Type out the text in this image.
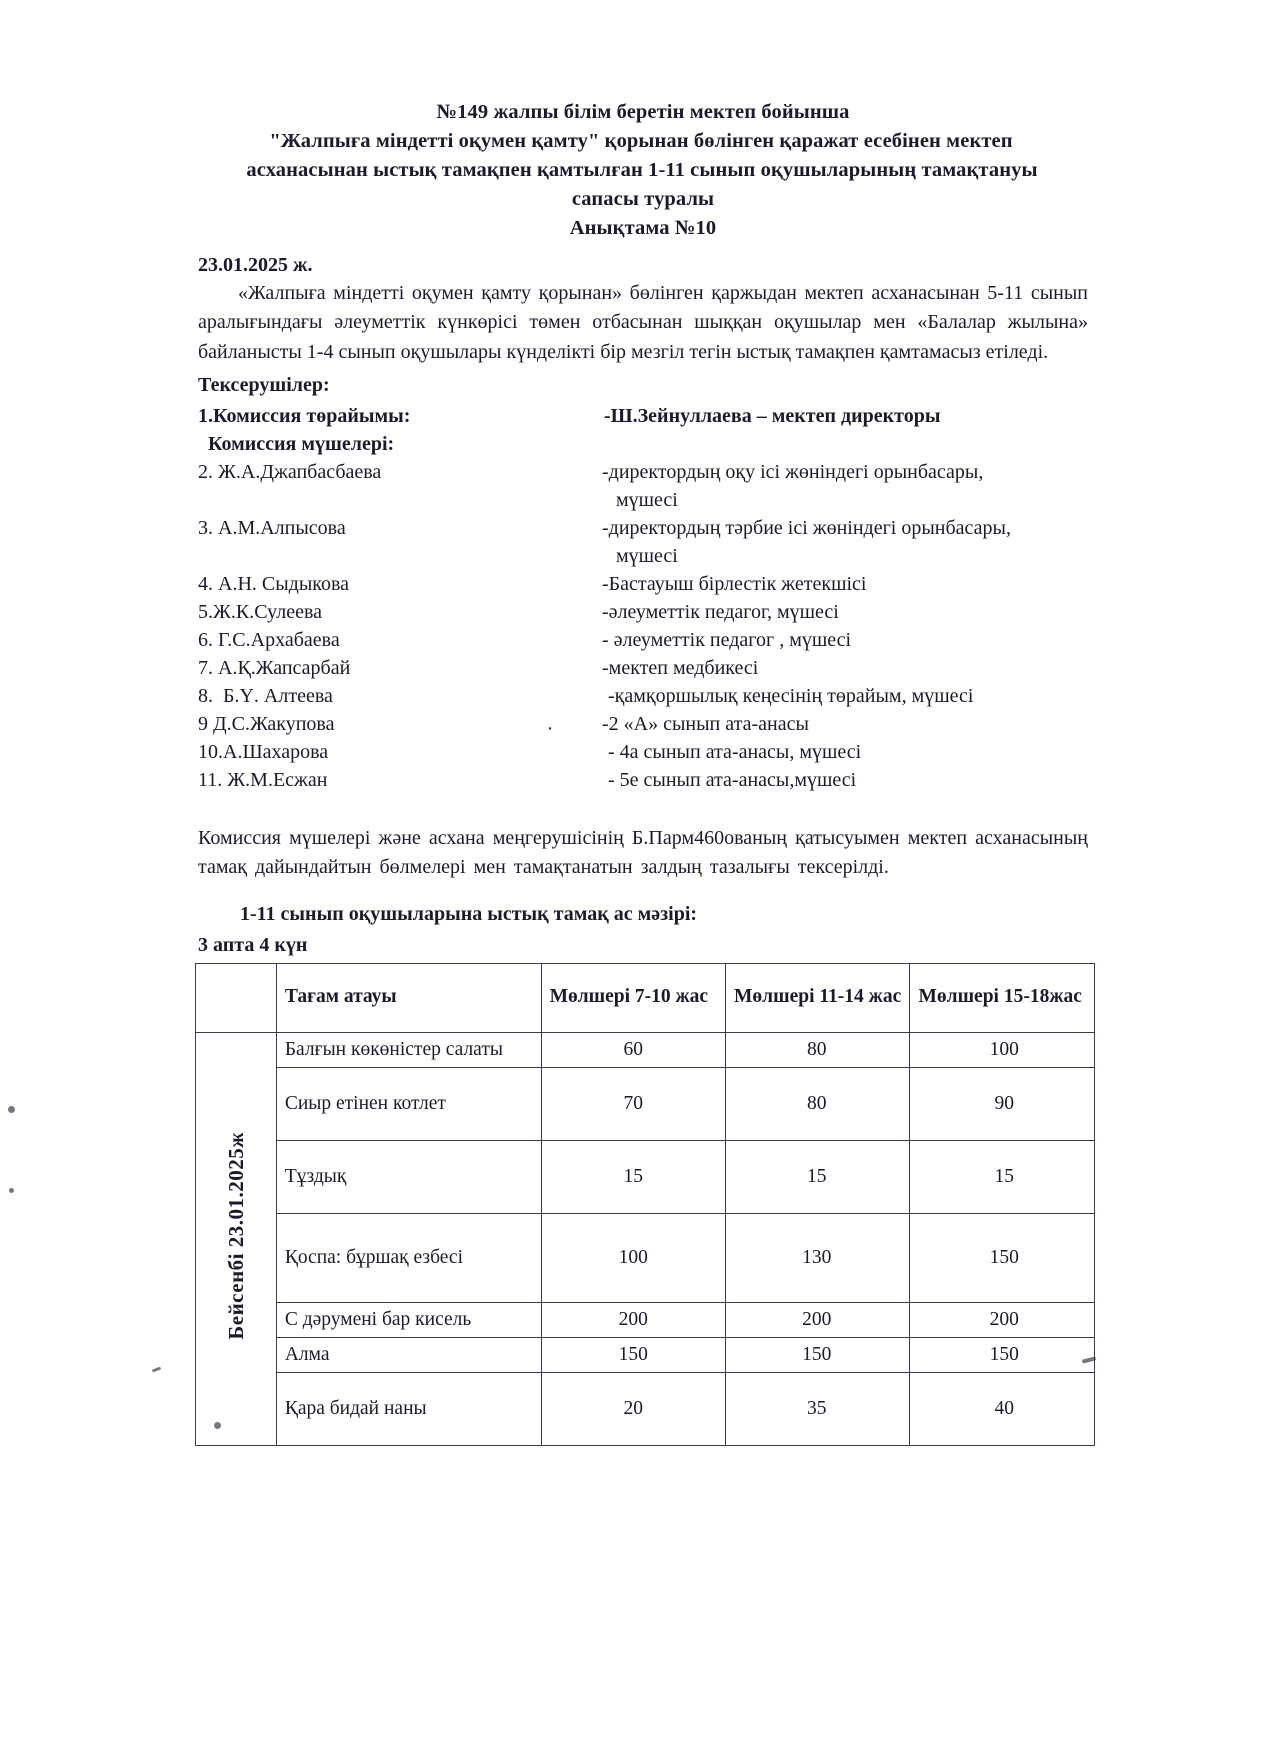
№149 жалпы білім беретін мектеп бойынша
"Жалпыға міндетті оқумен қамту" қорынан бөлінген қаражат есебінен мектеп
асханасынан ыстық тамақпен қамтылған 1-11 сынып оқушыларының тамақтануы
сапасы туралы
Анықтама №10
23.01.2025 ж.

«Жалпыға міндетті оқумен қамту қорынан» бөлінген қаржыдан мектеп асханасынан 5-11 сынып аралығындағы әлеуметтік күнкөрісі төмен отбасынан шыққан оқушылар мен «Балалар жылына» байланысты 1-4 сынып оқушылары күнделікті бір мезгіл тегін ыстық тамақпен қамтамасыз етіледі.

Тексерушілер:
1.Комиссия төрайымы:	-Ш.Зейнуллаева – мектеп директоры
Комиссия мүшелері:
2. Ж.А.Джапбасбаева	-директордың оқу ісі жөніндегі орынбасары,
мүшесі
3. А.М.Алпысова	-директордың тәрбие ісі жөніндегі орынбасары,
мүшесі
4. А.Н. Сыдыкова	-Бастауыш бірлестік жетекшісі
5.Ж.К.Сулеева	-әлеуметтік педагог, мүшесі
6. Г.С.Архабаева	- әлеуметтік педагог , мүшесі
7. А.Қ.Жапсарбай	-мектеп медбикесі
8.  Б.Ү. Алтеева	-қамқоршылық кеңесінің төрайым, мүшесі
9 Д.С.Жакупова	-2 «А» сынып ата-анасы
10.А.Шахарова	- 4а сынып ата-анасы, мүшесі
11. Ж.М.Есжан	- 5е сынып ата-анасы,мүшесі

Комиссия мүшелері және асхана меңгерушісінің Б.Парм460ованың қатысуымен мектеп асханасының тамақ дайындайтын бөлмелері мен тамақтанатын залдың тазалығы тексерілді.

1-11 сынып оқушыларына ыстық тамақ ас мәзірі:
3 апта 4 күн
	Тағам атауы	Мөлшері 7-10 жас	Мөлшері 11-14 жас	Мөлшері 15-18жас
Бейсенбі 23.01.2025ж	Балғын көкөністер салаты	60	80	100
	Сиыр етінен котлет	70	80	90
	Тұздық	15	15	15
	Қоспа: бұршақ езбесі	100	130	150
	С дәрумені бар кисель	200	200	200
	Алма	150	150	150
	Қара бидай наны	20	35	40
ꞏ
